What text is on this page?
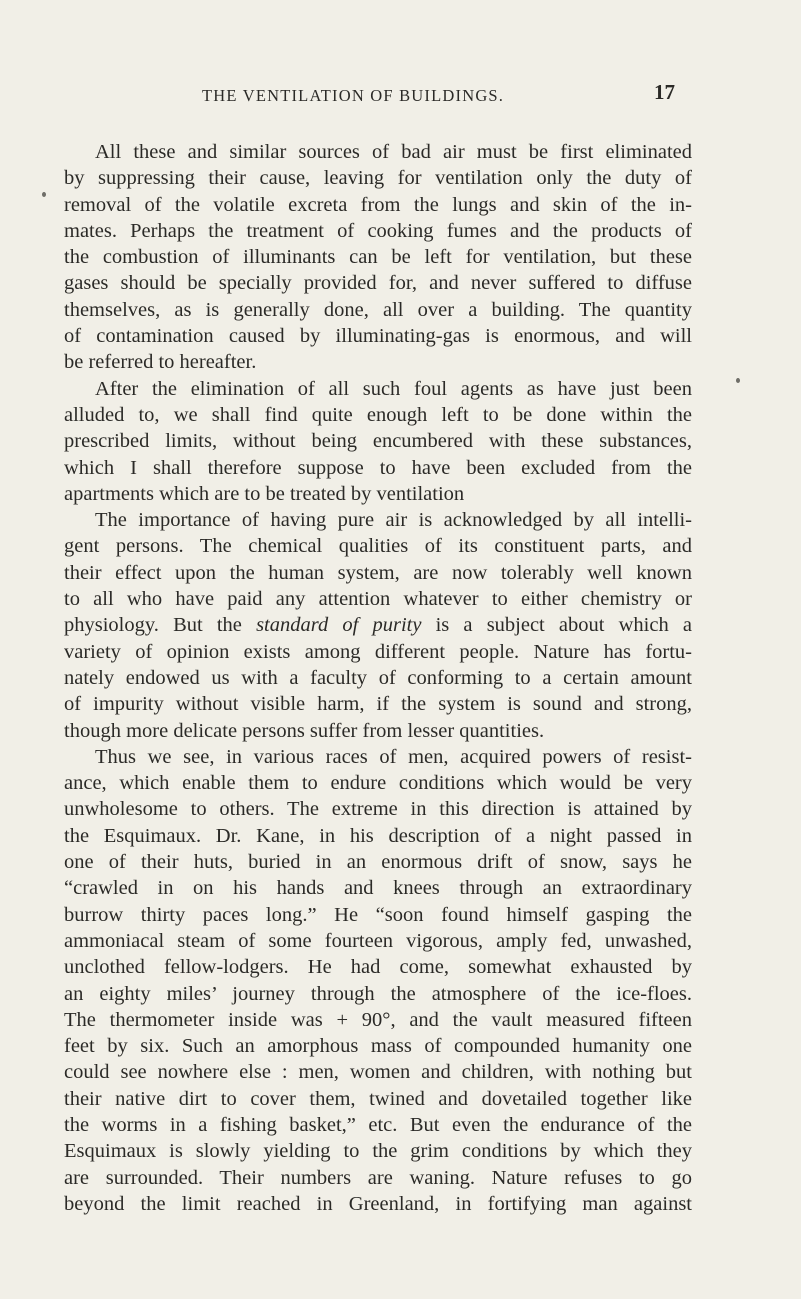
THE VENTILATION OF BUILDINGS.	17
All these and similar sources of bad air must be first eliminated
by suppressing their cause, leaving for ventilation only the duty of
removal of the volatile excreta from the lungs and skin of the in-
mates. Perhaps the treatment of cooking fumes and the products of
the combustion of illuminants can be left for ventilation, but these
gases should be specially provided for, and never suffered to diffuse
themselves, as is generally done, all over a building. The quantity
of contamination caused by illuminating-gas is enormous, and will
be referred to hereafter.
After the elimination of all such foul agents as have just been
alluded to, we shall find quite enough left to be done within the
prescribed limits, without being encumbered with these substances,
which I shall therefore suppose to have been excluded from the
apartments which are to be treated by ventilation
The importance of having pure air is acknowledged by all intelli-
gent persons. The chemical qualities of its constituent parts, and
their effect upon the human system, are now tolerably well known
to all who have paid any attention whatever to either chemistry or
physiology. But the standard of purity is a subject about which a
variety of opinion exists among different people. Nature has fortu-
nately endowed us with a faculty of conforming to a certain amount
of impurity without visible harm, if the system is sound and strong,
though more delicate persons suffer from lesser quantities.
Thus we see, in various races of men, acquired powers of resist-
ance, which enable them to endure conditions which would be very
unwholesome to others. The extreme in this direction is attained by
the Esquimaux. Dr. Kane, in his description of a night passed in
one of their huts, buried in an enormous drift of snow, says he
“crawled in on his hands and knees through an extraordinary
burrow thirty paces long.” He “soon found himself gasping the
ammoniacal steam of some fourteen vigorous, amply fed, unwashed,
unclothed fellow-lodgers. He had come, somewhat exhausted by
an eighty miles’ journey through the atmosphere of the ice-floes.
The thermometer inside was + 90°, and the vault measured fifteen
feet by six. Such an amorphous mass of compounded humanity one
could see nowhere else : men, women and children, with nothing but
their native dirt to cover them, twined and dovetailed together like
the worms in a fishing basket,” etc. But even the endurance of the
Esquimaux is slowly yielding to the grim conditions by which they
are surrounded. Their numbers are waning. Nature refuses to go
beyond the limit reached in Greenland, in fortifying man against
